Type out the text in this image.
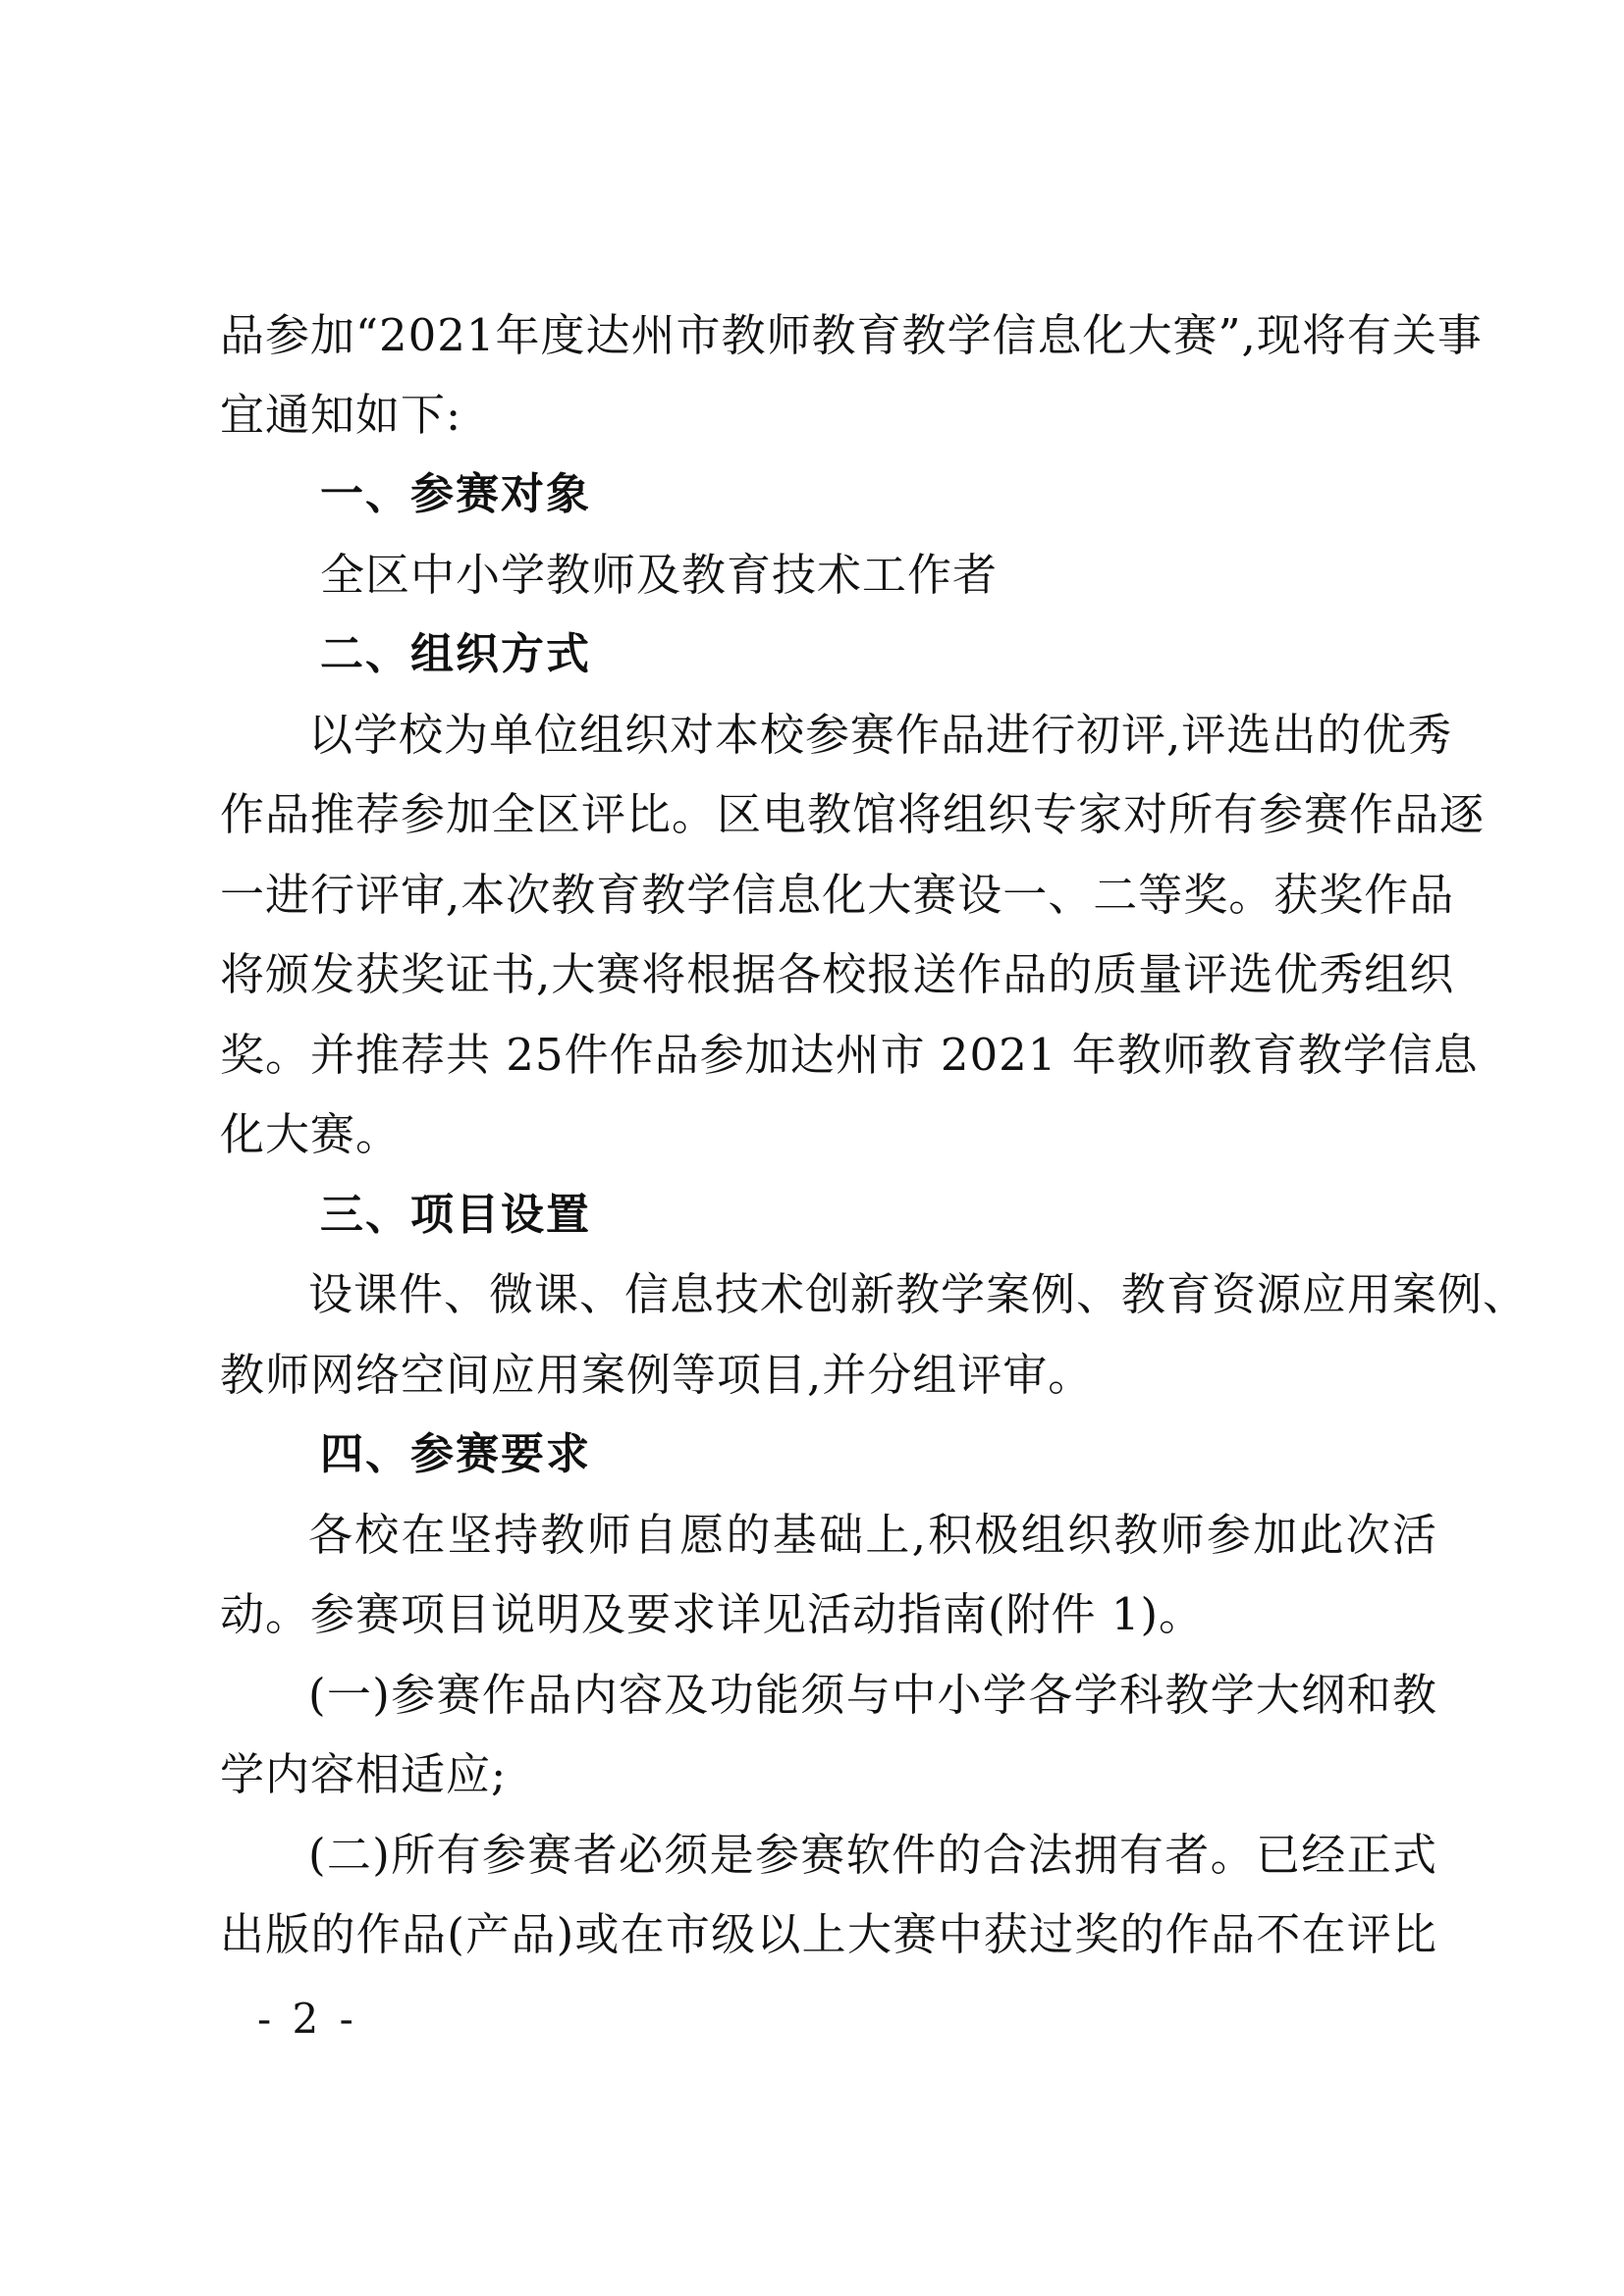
品参加“2021年度达州市教师教育教学信息化大赛”,现将有关事
宜通知如下:
一、参赛对象
全区中小学教师及教育技术工作者
二、组织方式
以学校为单位组织对本校参赛作品进行初评,评选出的优秀
作品推荐参加全区评比。区电教馆将组织专家对所有参赛作品逐
一进行评审,本次教育教学信息化大赛设一、二等奖。获奖作品
将颁发获奖证书,大赛将根据各校报送作品的质量评选优秀组织
奖。并推荐共 25件作品参加达州市 2021 年教师教育教学信息
化大赛。
三、项目设置
设课件、微课、信息技术创新教学案例、教育资源应用案例、
教师网络空间应用案例等项目,并分组评审。
四、参赛要求
各校在坚持教师自愿的基础上,积极组织教师参加此次活
动。参赛项目说明及要求详见活动指南(附件 1)。
(一)参赛作品内容及功能须与中小学各学科教学大纲和教
学内容相适应;
(二)所有参赛者必须是参赛软件的合法拥有者。已经正式
出版的作品(产品)或在市级以上大赛中获过奖的作品不在评比
- 2 -
